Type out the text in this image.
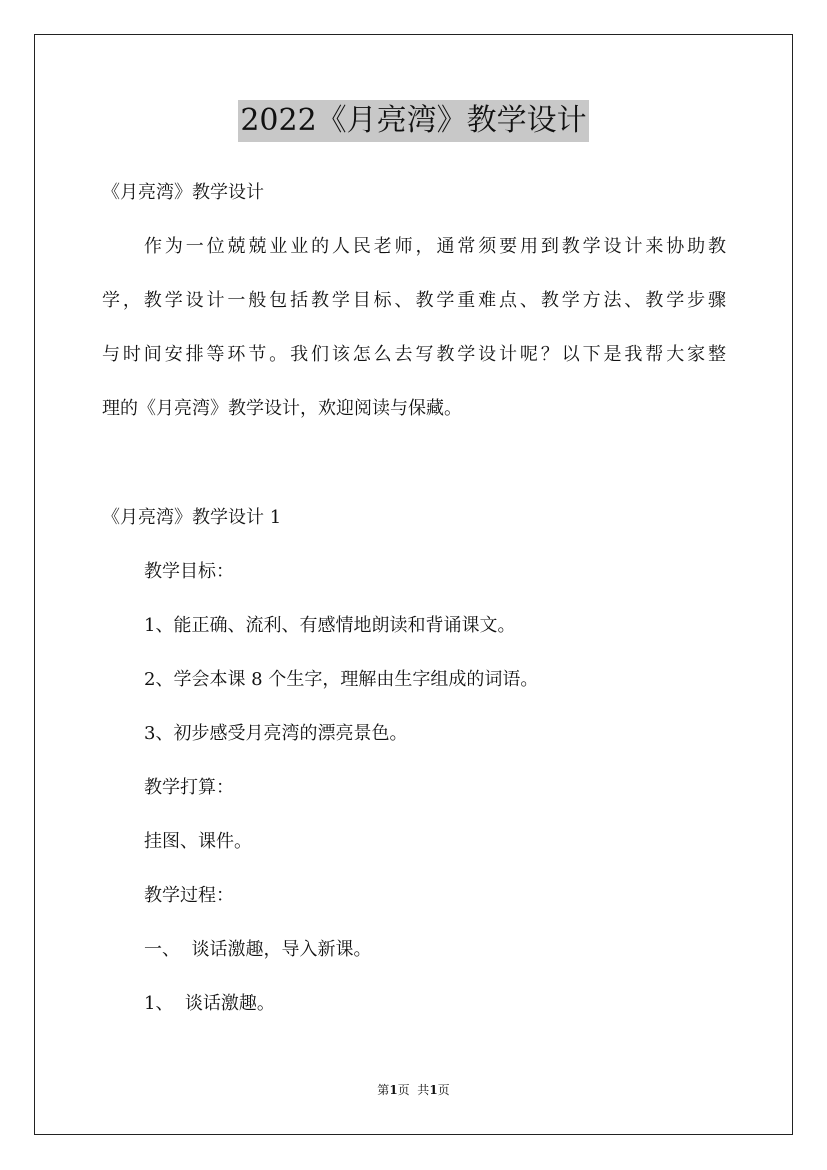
2022《月亮湾》教学设计
《月亮湾》教学设计
作为一位兢兢业业的人民老师，通常须要用到教学设计来协助教
学，教学设计一般包括教学目标、教学重难点、教学方法、教学步骤
与时间安排等环节。我们该怎么去写教学设计呢？以下是我帮大家整
理的《月亮湾》教学设计，欢迎阅读与保藏。
《月亮湾》教学设计 1
教学目标：
1、能正确、流利、有感情地朗读和背诵课文。
2、学会本课 8 个生字，理解由生字组成的词语。
3、初步感受月亮湾的漂亮景色。
教学打算：
挂图、课件。
教学过程：
一、  谈话激趣，导入新课。
1、  谈话激趣。
第1页  共1页
